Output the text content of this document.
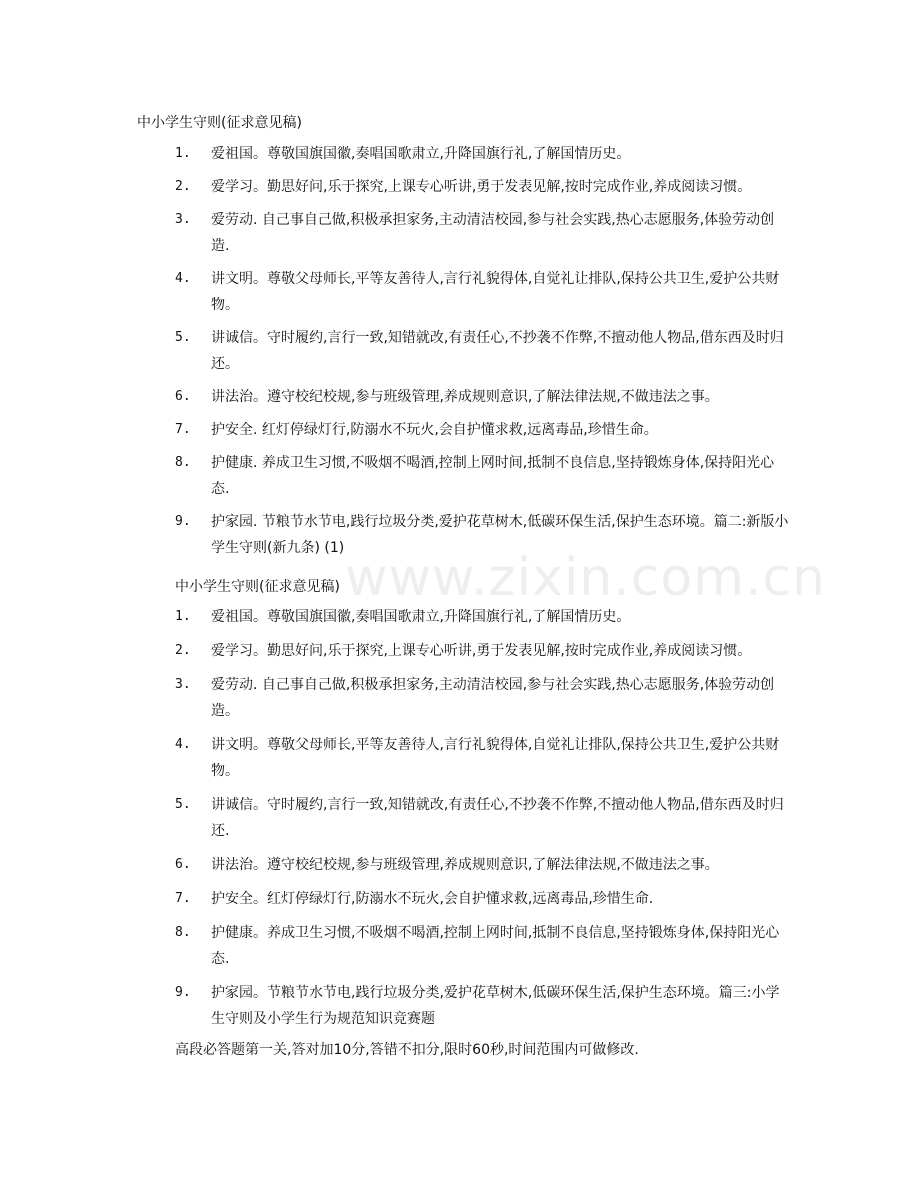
www.zixin.com.cn
中小学生守则(征求意见稿)
1. 爱祖国。尊敬国旗国徽,奏唱国歌肃立,升降国旗行礼,了解国情历史。
2. 爱学习。勤思好问,乐于探究,上课专心听讲,勇于发表见解,按时完成作业,养成阅读习惯。
3. 爱劳动. 自己事自己做,积极承担家务,主动清洁校园,参与社会实践,热心志愿服务,体验劳动创造.
4. 讲文明。尊敬父母师长,平等友善待人,言行礼貌得体,自觉礼让排队,保持公共卫生,爱护公共财物。
5. 讲诚信。守时履约,言行一致,知错就改,有责任心,不抄袭不作弊,不擅动他人物品,借东西及时归还。
6. 讲法治。遵守校纪校规,参与班级管理,养成规则意识,了解法律法规,不做违法之事。
7. 护安全. 红灯停绿灯行,防溺水不玩火,会自护懂求救,远离毒品,珍惜生命。
8. 护健康. 养成卫生习惯,不吸烟不喝酒,控制上网时间,抵制不良信息,坚持锻炼身体,保持阳光心态.
9. 护家园. 节粮节水节电,践行垃圾分类,爱护花草树木,低碳环保生活,保护生态环境。篇二:新版小学生守则(新九条) (1)
中小学生守则(征求意见稿)
1. 爱祖国。尊敬国旗国徽,奏唱国歌肃立,升降国旗行礼,了解国情历史。
2. 爱学习。勤思好问,乐于探究,上课专心听讲,勇于发表见解,按时完成作业,养成阅读习惯。
3. 爱劳动. 自己事自己做,积极承担家务,主动清洁校园,参与社会实践,热心志愿服务,体验劳动创造。
4. 讲文明。尊敬父母师长,平等友善待人,言行礼貌得体,自觉礼让排队,保持公共卫生,爱护公共财物。
5. 讲诚信。守时履约,言行一致,知错就改,有责任心,不抄袭不作弊,不擅动他人物品,借东西及时归还.
6. 讲法治。遵守校纪校规,参与班级管理,养成规则意识,了解法律法规,不做违法之事。
7. 护安全。红灯停绿灯行,防溺水不玩火,会自护懂求救,远离毒品,珍惜生命.
8. 护健康。养成卫生习惯,不吸烟不喝酒,控制上网时间,抵制不良信息,坚持锻炼身体,保持阳光心态.
9. 护家园。节粮节水节电,践行垃圾分类,爱护花草树木,低碳环保生活,保护生态环境。篇三:小学生守则及小学生行为规范知识竞赛题
高段必答题第一关,答对加10分,答错不扣分,限时60秒,时间范围内可做修改.
